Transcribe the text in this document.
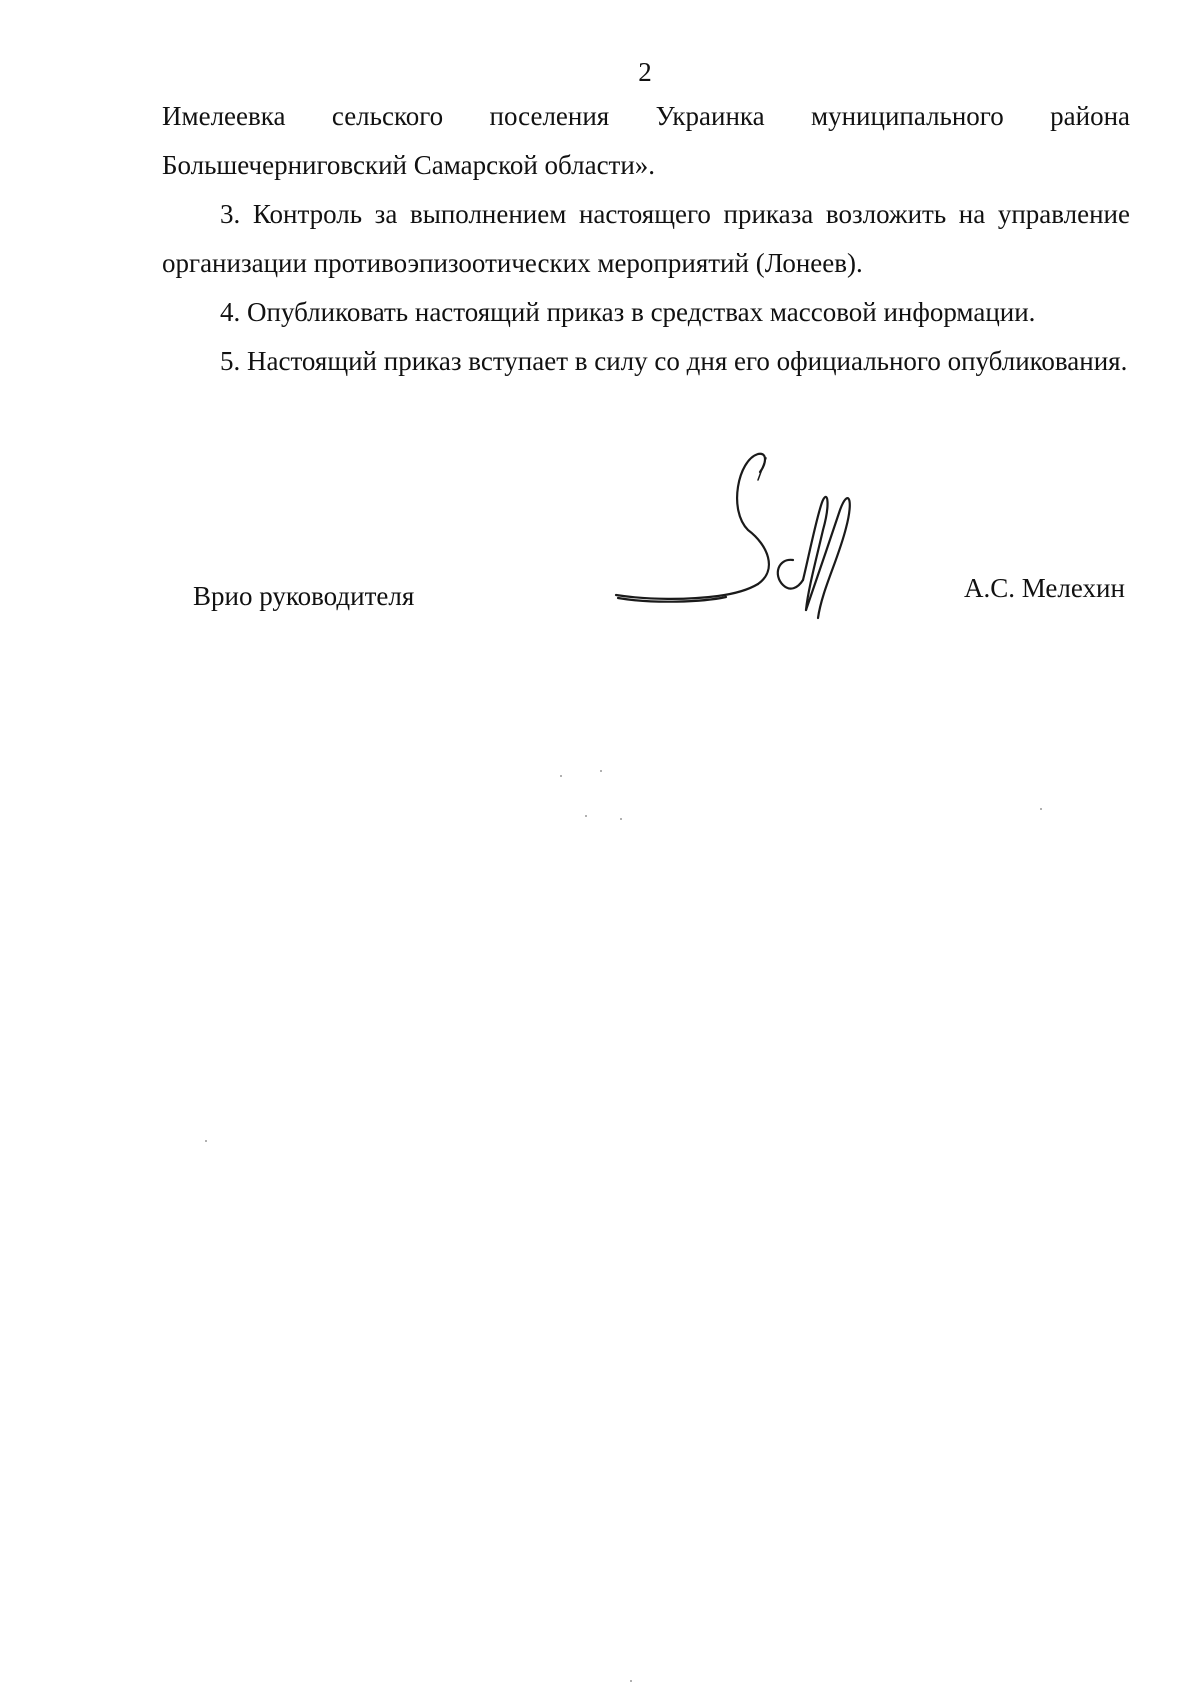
2

Имелеевка сельского поселения Украинка муниципального района Большечерниговский Самарской области».

3. Контроль за выполнением настоящего приказа возложить на управление организации противоэпизоотических мероприятий (Лонеев).

4. Опубликовать настоящий приказ в средствах массовой информации.

5. Настоящий приказ вступает в силу со дня его официального опубликования.

Врио руководителя	А.С. Мелехин
